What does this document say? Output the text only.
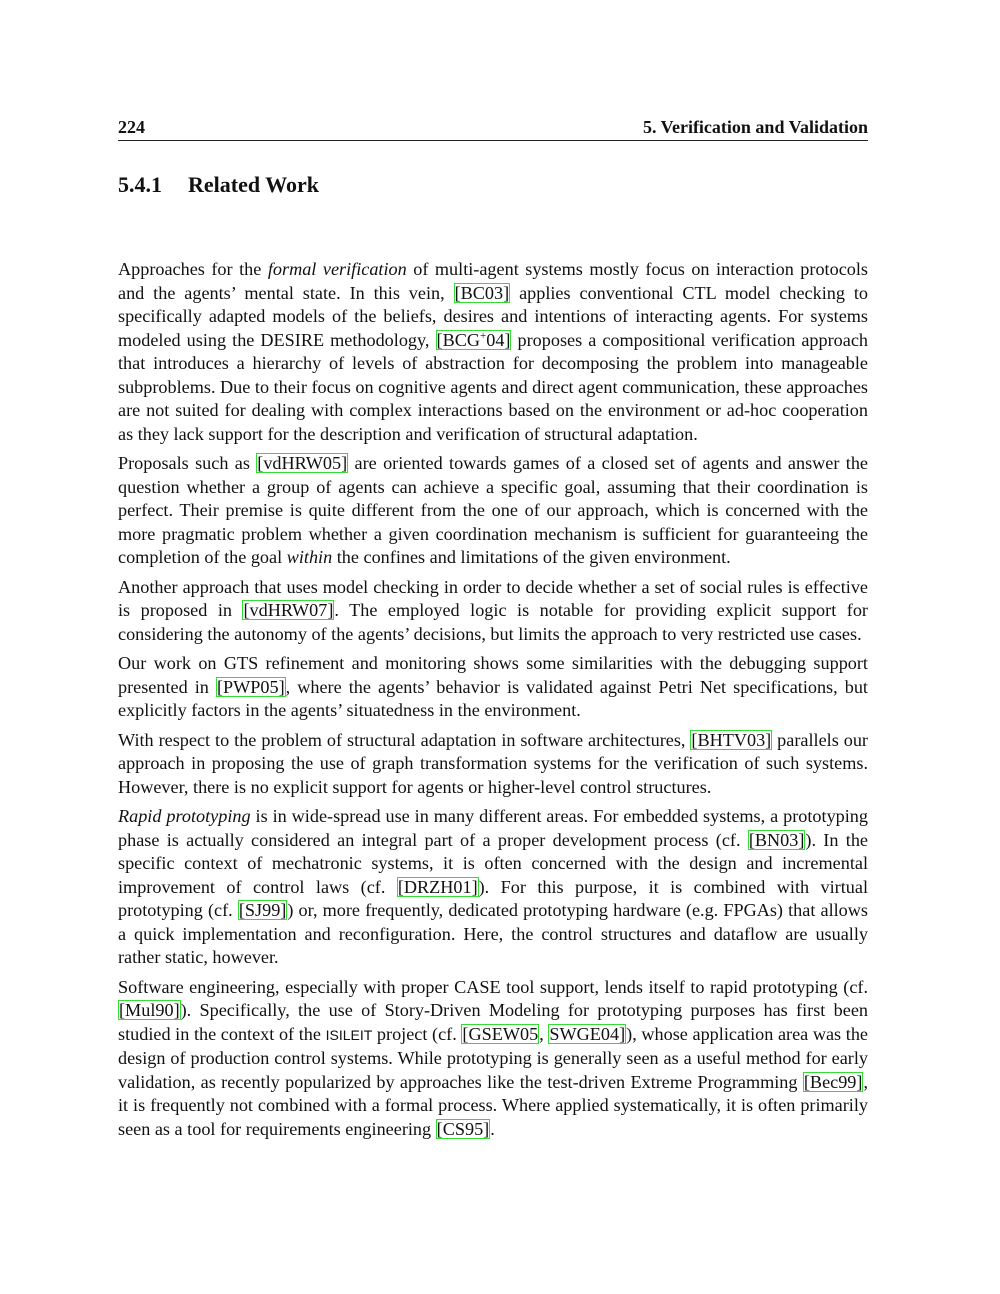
224	5. Verification and Validation
5.4.1 Related Work

Approaches for the formal verification of multi-agent systems mostly focus on interaction protocols and the agents’ mental state. In this vein, [BC03] applies conventional CTL model checking to specifically adapted models of the beliefs, desires and intentions of interacting agents. For systems modeled using the DESIRE methodology, [BCG+04] proposes a compositional verification approach that introduces a hierarchy of levels of abstraction for decomposing the problem into manageable subproblems. Due to their focus on cognitive agents and direct agent communication, these approaches are not suited for dealing with complex interactions based on the environment or ad-hoc cooperation as they lack support for the description and verification of structural adaptation.

Proposals such as [vdHRW05] are oriented towards games of a closed set of agents and answer the question whether a group of agents can achieve a specific goal, assuming that their coordination is perfect. Their premise is quite different from the one of our approach, which is concerned with the more pragmatic problem whether a given coordination mechanism is sufficient for guaranteeing the completion of the goal within the confines and limitations of the given environment.

Another approach that uses model checking in order to decide whether a set of social rules is effective is proposed in [vdHRW07]. The employed logic is notable for providing explicit support for considering the autonomy of the agents’ decisions, but limits the approach to very restricted use cases.

Our work on GTS refinement and monitoring shows some similarities with the debugging support presented in [PWP05], where the agents’ behavior is validated against Petri Net specifications, but explicitly factors in the agents’ situatedness in the environment.

With respect to the problem of structural adaptation in software architectures, [BHTV03] parallels our approach in proposing the use of graph transformation systems for the verification of such systems. However, there is no explicit support for agents or higher-level control structures.

Rapid prototyping is in wide-spread use in many different areas. For embedded systems, a prototyping phase is actually considered an integral part of a proper development process (cf. [BN03]). In the specific context of mechatronic systems, it is often concerned with the design and incremental improvement of control laws (cf. [DRZH01]). For this purpose, it is combined with virtual prototyping (cf. [SJ99]) or, more frequently, dedicated prototyping hardware (e.g. FPGAs) that allows a quick implementation and reconfiguration. Here, the control structures and dataflow are usually rather static, however.

Software engineering, especially with proper CASE tool support, lends itself to rapid prototyping (cf. [Mul90]). Specifically, the use of Story-Driven Modeling for prototyping purposes has first been studied in the context of the ISILEIT project (cf. [GSEW05, SWGE04]), whose application area was the design of production control systems. While prototyping is generally seen as a useful method for early validation, as recently popularized by approaches like the test-driven Extreme Programming [Bec99], it is frequently not combined with a formal process. Where applied systematically, it is often primarily seen as a tool for requirements engineering [CS95].
